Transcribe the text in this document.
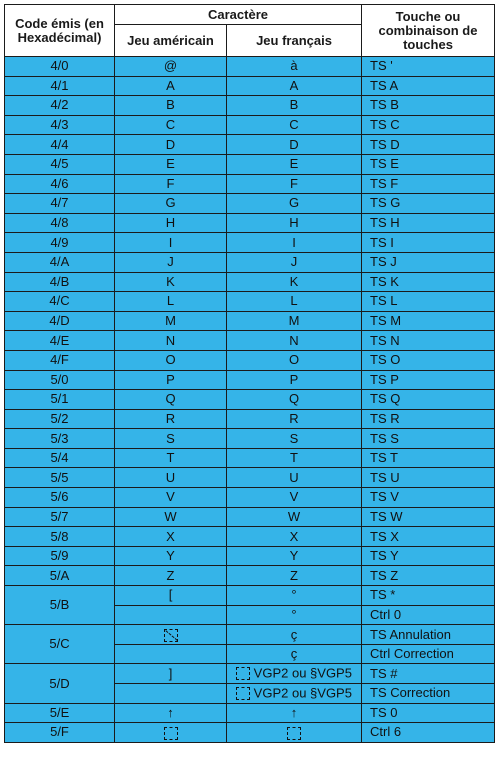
Code émis (en Hexadécimal)	Caractère		Touche ou combinaison de touches
	Jeu américain	Jeu français	
4/0	@	à	TS '
4/1	A	A	TS A
4/2	B	B	TS B
4/3	C	C	TS C
4/4	D	D	TS D
4/5	E	E	TS E
4/6	F	F	TS F
4/7	G	G	TS G
4/8	H	H	TS H
4/9	I	I	TS I
4/A	J	J	TS J
4/B	K	K	TS K
4/C	L	L	TS L
4/D	M	M	TS M
4/E	N	N	TS N
4/F	O	O	TS O
5/0	P	P	TS P
5/1	Q	Q	TS Q
5/2	R	R	TS R
5/3	S	S	TS S
5/4	T	T	TS T
5/5	U	U	TS U
5/6	V	V	TS V
5/7	W	W	TS W
5/8	X	X	TS X
5/9	Y	Y	TS Y
5/A	Z	Z	TS Z
5/B	[	°	TS *
		°	Ctrl 0
5/C		ç	TS Annulation
		ç	Ctrl Correction
5/D	]	VGP2 ou §VGP5	TS #
		VGP2 ou §VGP5	TS Correction
5/E	↑	↑	TS 0
5/F			Ctrl 6
